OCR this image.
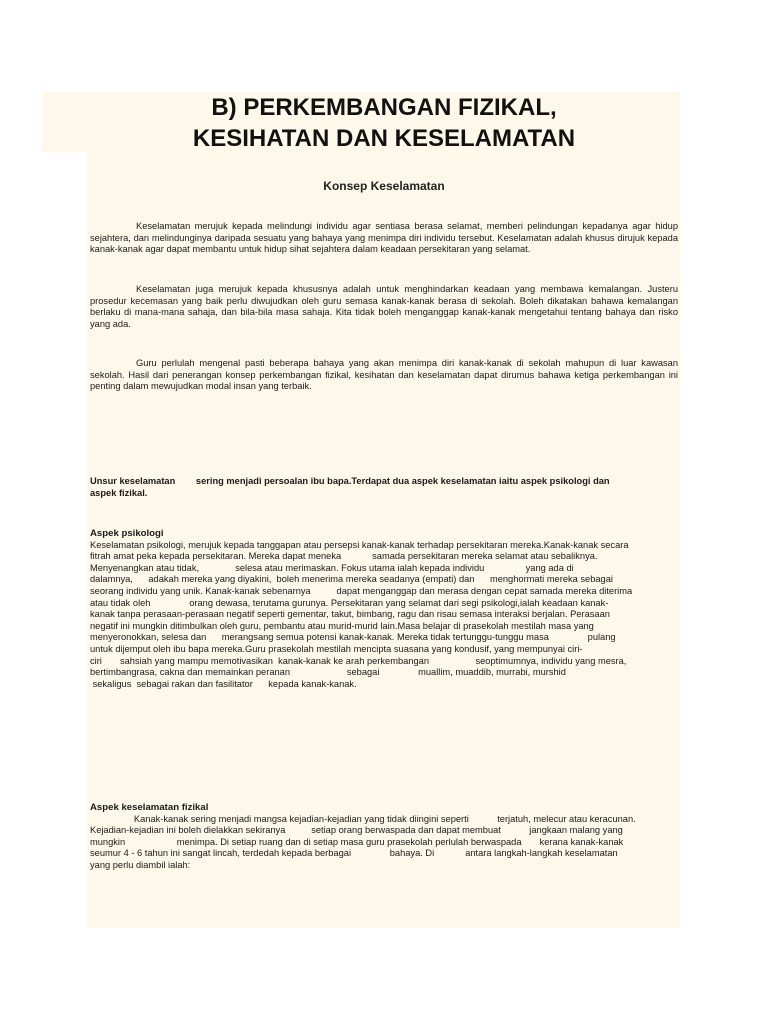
B) PERKEMBANGAN FIZIKAL,
KESIHATAN DAN KESELAMATAN
Konsep Keselamatan

Keselamatan merujuk kepada melindungi individu agar sentiasa berasa selamat, memberi pelindungan kepadanya agar hidup sejahtera, dan melindunginya daripada sesuatu yang bahaya yang menimpa diri individu tersebut. Keselamatan adalah khusus dirujuk kepada kanak-kanak agar dapat membantu untuk hidup sihat sejahtera dalam keadaan persekitaran yang selamat.

Keselamatan juga merujuk kepada khususnya adalah untuk menghindarkan keadaan yang membawa kemalangan. Justeru prosedur kecemasan yang baik perlu diwujudkan oleh guru semasa kanak-kanak berasa di sekolah. Boleh dikatakan bahawa kemalangan berlaku di mana-mana sahaja, dan bila-bila masa sahaja. Kita tidak boleh menganggap kanak-kanak mengetahui tentang bahaya dan risko yang ada.

Guru perlulah mengenal pasti beberapa bahaya yang akan menimpa diri kanak-kanak di sekolah mahupun di luar kawasan sekolah. Hasil dari penerangan konsep perkembangan fizikal, kesihatan dan keselamatan dapat dirumus bahawa ketiga perkembangan ini penting dalam mewujudkan modal insan yang terbaik.

Unsur keselamatan        sering menjadi persoalan ibu bapa.Terdapat dua aspek keselamatan iaitu aspek psikologi dan
aspek fizikal.
Aspek psikologi
Keselamatan psikologi, merujuk kepada tanggapan atau persepsi kanak-kanak terhadap persekitaran mereka.Kanak-kanak secara
fitrah amat peka kepada persekitaran. Mereka dapat meneka            samada persekitaran mereka selamat atau sebaliknya.
Menyenangkan atau tidak,              selesa atau merimaskan. Fokus utama ialah kepada individu                yang ada di
dalamnya,      adakah mereka yang diyakini,  boleh menerima mereka seadanya (empati) dan      menghormati mereka sebagai
seorang individu yang unik. Kanak-kanak sebenarnya          dapat menganggap dan merasa dengan cepat samada mereka diterima
atau tidak oleh               orang dewasa, terutama gurunya. Persekitaran yang selamat dari segi psikologi,ialah keadaan kanak-
kanak tanpa perasaan-perasaan negatif seperti gementar, takut, bimbang, ragu dan risau semasa interaksi berjalan. Perasaan
negatif ini mungkin ditimbulkan oleh guru, pembantu atau murid-murid lain.Masa belajar di prasekolah mestilah masa yang
menyeronokkan, selesa dan      merangsang semua potensi kanak-kanak. Mereka tidak tertunggu-tunggu masa               pulang
untuk dijemput oleh ibu bapa mereka.Guru prasekolah mestilah mencipta suasana yang kondusif, yang mempunyai ciri-
ciri       sahsiah yang mampu memotivasikan  kanak-kanak ke arah perkembangan                  seoptimumnya, individu yang mesra,
bertimbangrasa, cakna dan memainkan peranan                      sebagai               muallim, muaddib, murrabi, murshid
sekaligus  sebagai rakan dan fasilitator      kepada kanak-kanak.
Aspek keselamatan fizikal
Kanak-kanak sering menjadi mangsa kejadian-kejadian yang tidak diingini seperti           terjatuh, melecur atau keracunan.
Kejadian-kejadian ini boleh dielakkan sekiranya          setiap orang berwaspada dan dapat membuat           jangkaan malang yang
mungkin                    menimpa. Di setiap ruang dan di setiap masa guru prasekolah perlulah berwaspada       kerana kanak-kanak
seumur 4 - 6 tahun ini sangat lincah, terdedah kepada berbagai               bahaya. Di            antara langkah-langkah keselamatan
yang perlu diambil ialah:
